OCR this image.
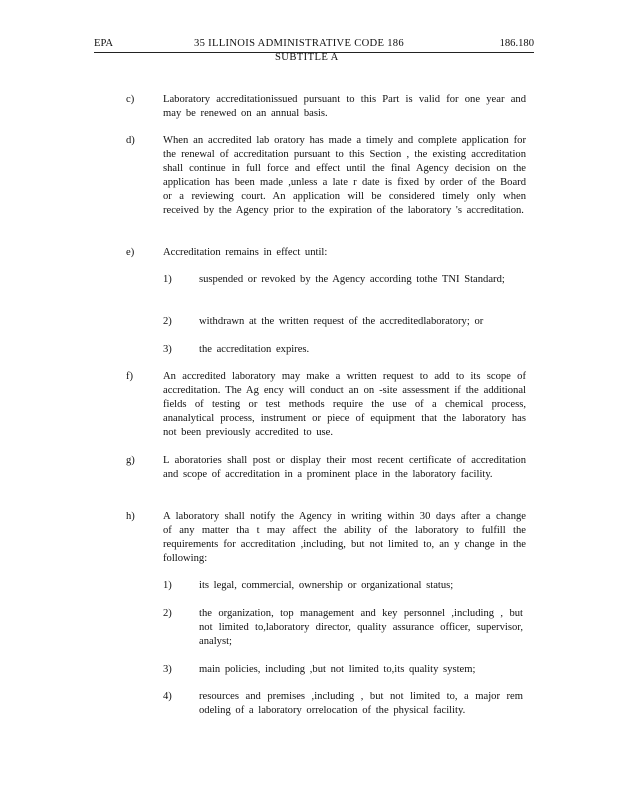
EPA	35 ILLINOIS ADMINISTRATIVE CODE 186	186.180
SUBTITLE A
c)	Laboratory accreditationissued pursuant to this Part is valid for one year and may be renewed on an annual basis.
d)	When an accredited lab oratory has made a timely and complete application for the renewal of accreditation pursuant to this Section , the existing accreditation shall continue in full force and effect until the final Agency decision on the application has been made ,unless a late r date is fixed by order of the Board or a reviewing court. An application will be considered timely only when received by the Agency prior to the expiration of the laboratory 's accreditation.
e)	Accreditation remains in effect until:
1)	suspended or revoked by the Agency according tothe TNI Standard;
2)	withdrawn at the written request of the accreditedlaboratory; or
3)	the accreditation expires.
f)	An accredited laboratory may make a written request to add to its scope of accreditation. The Ag ency will conduct an on -site assessment if the additional fields of testing or test methods require the use of a chemical process, ananalytical process, instrument or piece of equipment that the laboratory has not been previously accredited to use.
g)	L aboratories shall post or display their most recent certificate of accreditation and scope of accreditation in a prominent place in the laboratory facility.
h)	A laboratory shall notify the Agency in writing within 30 days after a change of any matter tha t may affect the ability of the laboratory to fulfill the requirements for accreditation ,including, but not limited to, an y change in the following:
1)	its legal, commercial, ownership or organizational status;
2)	the organization, top management and key personnel ,including , but not limited to,laboratory director, quality assurance officer, supervisor, analyst;
3)	main policies, including ,but not limited to,its quality system;
4)	resources and premises ,including , but not limited to, a major rem odeling of a laboratory orrelocation of the physical facility.
